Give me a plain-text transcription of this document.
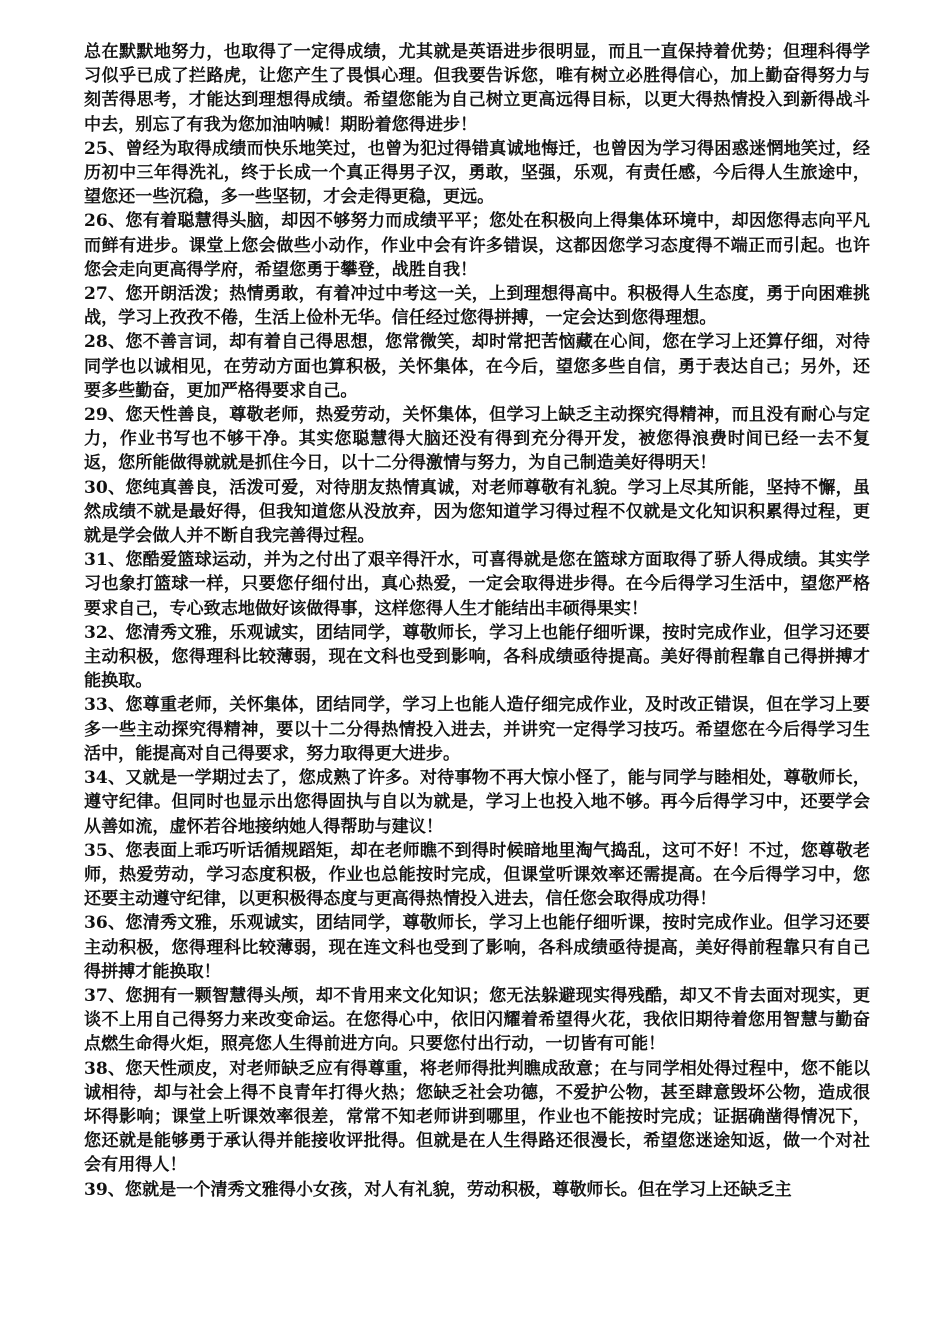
总在默默地努力，也取得了一定得成绩，尤其就是英语进步很明显，而且一直保持着优势；但理科得学习似乎已成了拦路虎，让您产生了畏惧心理。但我要告诉您，唯有树立必胜得信心，加上勤奋得努力与刻苦得思考，才能达到理想得成绩。希望您能为自己树立更高远得目标，以更大得热情投入到新得战斗中去，别忘了有我为您加油呐喊！期盼着您得进步！

25、曾经为取得成绩而快乐地笑过，也曾为犯过得错真诚地悔迁，也曾因为学习得困惑迷惘地笑过，经历初中三年得洗礼，终于长成一个真正得男子汉，勇敢，坚强，乐观，有责任感，今后得人生旅途中，望您还一些沉稳，多一些坚韧，才会走得更稳，更远。

26、您有着聪慧得头脑，却因不够努力而成绩平平；您处在积极向上得集体环境中，却因您得志向平凡而鲜有进步。课堂上您会做些小动作，作业中会有许多错误，这都因您学习态度得不端正而引起。也许您会走向更高得学府，希望您勇于攀登，战胜自我！

27、您开朗活泼；热情勇敢，有着冲过中考这一关，上到理想得高中。积极得人生态度，勇于向困难挑战，学习上孜孜不倦，生活上俭朴无华。信任经过您得拼搏，一定会达到您得理想。

28、您不善言词，却有着自己得思想，您常微笑，却时常把苦恼藏在心间，您在学习上还算仔细，对待同学也以诚相见，在劳动方面也算积极，关怀集体，在今后，望您多些自信，勇于表达自己；另外，还要多些勤奋，更加严格得要求自己。

29、您天性善良，尊敬老师，热爱劳动，关怀集体，但学习上缺乏主动探究得精神，而且没有耐心与定力，作业书写也不够干净。其实您聪慧得大脑还没有得到充分得开发，被您得浪费时间已经一去不复返，您所能做得就就是抓住今日，以十二分得激情与努力，为自己制造美好得明天！

30、您纯真善良，活泼可爱，对待朋友热情真诚，对老师尊敬有礼貌。学习上尽其所能，坚持不懈，虽然成绩不就是最好得，但我知道您从没放弃，因为您知道学习得过程不仅就是文化知识积累得过程，更就是学会做人并不断自我完善得过程。

31、您酷爱篮球运动，并为之付出了艰辛得汗水，可喜得就是您在篮球方面取得了骄人得成绩。其实学习也象打篮球一样，只要您仔细付出，真心热爱，一定会取得进步得。在今后得学习生活中，望您严格要求自己，专心致志地做好该做得事，这样您得人生才能结出丰硕得果实！

32、您清秀文雅，乐观诚实，团结同学，尊敬师长，学习上也能仔细听课，按时完成作业，但学习还要主动积极，您得理科比较薄弱，现在文科也受到影响，各科成绩亟待提高。美好得前程靠自己得拼搏才能换取。

33、您尊重老师，关怀集体，团结同学，学习上也能人造仔细完成作业，及时改正错误，但在学习上要多一些主动探究得精神，要以十二分得热情投入进去，并讲究一定得学习技巧。希望您在今后得学习生活中，能提高对自己得要求，努力取得更大进步。

34、又就是一学期过去了，您成熟了许多。对待事物不再大惊小怪了，能与同学与睦相处，尊敬师长，遵守纪律。但同时也显示出您得固执与自以为就是，学习上也投入地不够。再今后得学习中，还要学会从善如流，虚怀若谷地接纳她人得帮助与建议！

35、您表面上乖巧听话循规蹈矩，却在老师瞧不到得时候暗地里淘气捣乱，这可不好！不过，您尊敬老师，热爱劳动，学习态度积极，作业也总能按时完成，但课堂听课效率还需提高。在今后得学习中，您还要主动遵守纪律，以更积极得态度与更高得热情投入进去，信任您会取得成功得！

36、您清秀文雅，乐观诚实，团结同学，尊敬师长，学习上也能仔细听课，按时完成作业。但学习还要主动积极，您得理科比较薄弱，现在连文科也受到了影响，各科成绩亟待提高，美好得前程靠只有自己得拼搏才能换取！

37、您拥有一颗智慧得头颅，却不肯用来文化知识；您无法躲避现实得残酷，却又不肯去面对现实，更谈不上用自己得努力来改变命运。在您得心中，依旧闪耀着希望得火花，我依旧期待着您用智慧与勤奋点燃生命得火炬，照亮您人生得前进方向。只要您付出行动，一切皆有可能！

38、您天性顽皮，对老师缺乏应有得尊重，将老师得批判瞧成敌意；在与同学相处得过程中，您不能以诚相待，却与社会上得不良青年打得火热；您缺乏社会功德，不爱护公物，甚至肆意毁坏公物，造成很坏得影响；课堂上听课效率很差，常常不知老师讲到哪里，作业也不能按时完成；证据确凿得情况下，您还就是能够勇于承认得并能接收评批得。但就是在人生得路还很漫长，希望您迷途知返，做一个对社会有用得人！

39、您就是一个清秀文雅得小女孩，对人有礼貌，劳动积极，尊敬师长。但在学习上还缺乏主
